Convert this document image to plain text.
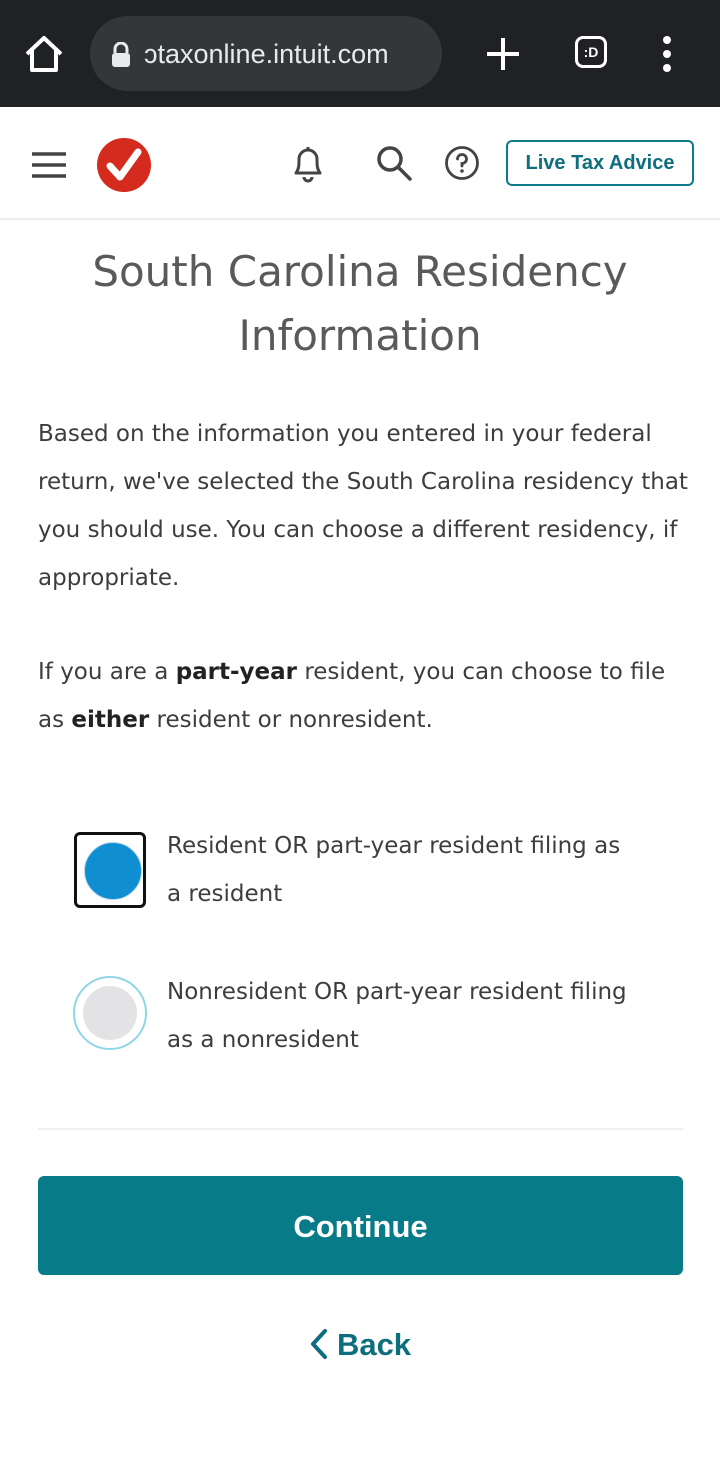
ɔtaxonline.intuit.com	:D
Live Tax Advice
South Carolina Residency Information

Based on the information you entered in your federal return, we've selected the South Carolina residency that you should use. You can choose a different residency, if appropriate.

If you are a part-year resident, you can choose to file as either resident or nonresident.

Resident OR part-year resident filing as a resident
Nonresident OR part-year resident filing as a nonresident
Continue
Back
